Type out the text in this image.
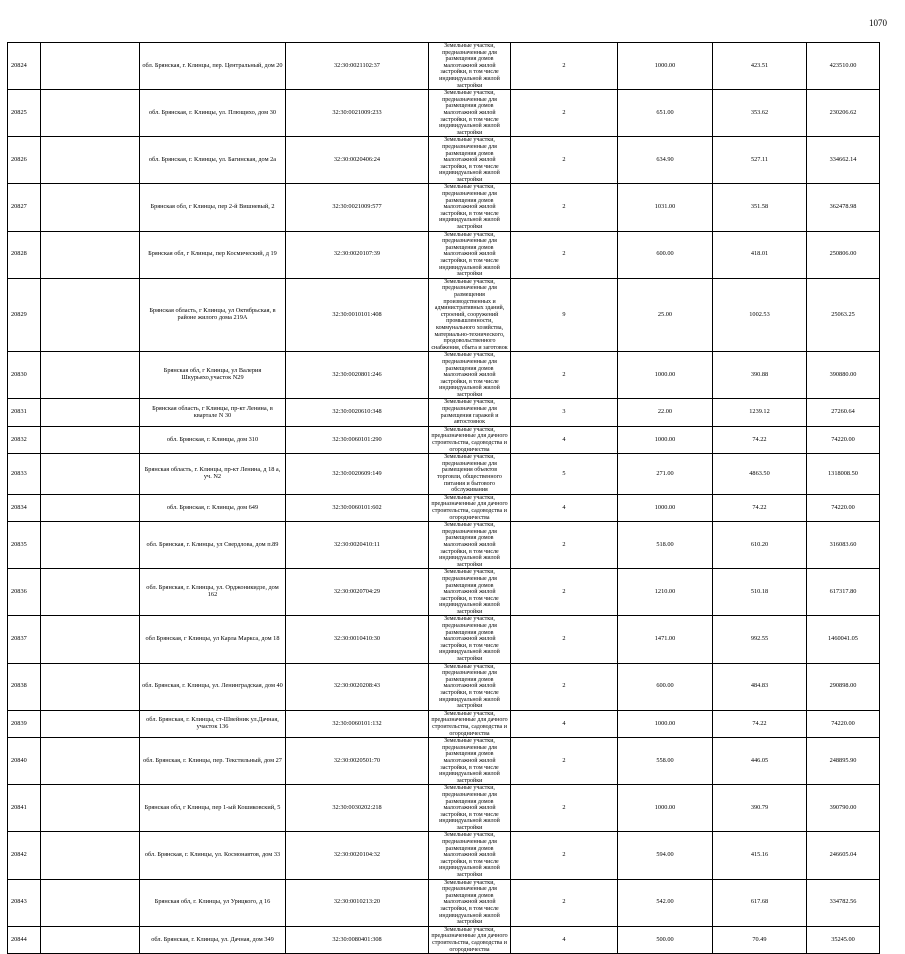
1070
20824		обл. Брянская, г. Клинцы, пер. Центральный, дом 20	32:30:0021102:37	Земельные участки, предназначенные для размещения домов малоэтажной жилой застройки, в том числе индивидуальной жилой застройки	2	1000.00	423.51	423510.00
20825		обл. Брянская, г. Клинцы, ул. Плющихо, дом 30	32:30:0021009:233	Земельные участки, предназначенные для размещения домов малоэтажной жилой застройки, в том числе индивидуальной жилой застройки	2	651.00	353.62	230206.62
20826		обл. Брянская, г. Клинцы, ул. Багинская, дом 2а	32:30:0020406:24	Земельные участки, предназначенные для размещения домов малоэтажной жилой застройки, в том числе индивидуальной жилой застройки	2	634.90	527.11	334662.14
20827		Брянская обл, г Клинцы, пер 2-й Вишневый, 2	32:30:0021009:577	Земельные участки, предназначенные для размещения домов малоэтажной жилой застройки, в том числе индивидуальной жилой застройки	2	1031.00	351.58	362478.98
20828		Брянская обл, г Клинцы, пер Космический, д 19	32:30:0020107:39	Земельные участки, предназначенные для размещения домов малоэтажной жилой застройки, в том числе индивидуальной жилой застройки	2	600.00	418.01	250806.00
20829		Брянская область, г Клинцы, ул Октябрьская, в районе жилого дома 219А	32:30:0010101:408	Земельные участки, предназначенные для размещения производственных и административных зданий, строений, сооружений промышленности, коммунального хозяйства, материально-технического, продовольственного снабжения, сбыта и заготовок	9	25.00	1002.53	25063.25
20830		Брянская обл, г Клинцы, ул Валерия Шкурьяхо,участок N29	32:30:0020801:246	Земельные участки, предназначенные для размещения домов малоэтажной жилой застройки, в том числе индивидуальной жилой застройки	2	1000.00	390.88	390880.00
20831		Брянская область, г Клинцы, пр-кт Ленина, в квартале N 30	32:30:0020610:348	Земельные участки, предназначенные для размещения гаражей и автостоянок	3	22.00	1239.12	27260.64
20832		обл. Брянская, г. Клинцы, дом 310	32:30:0060101:290	Земельные участки, предназначенные для дачного строительства, садоводства и огородничества	4	1000.00	74.22	74220.00
20833		Брянская область, г. Клинцы, пр-кт Ленина, д 18 а, уч. N2	32:30:0020609:149	Земельные участки, предназначенные для размещения объектов торговли, общественного питания и бытового обслуживания	5	271.00	4863.50	1318008.50
20834		обл. Брянская, г. Клинцы, дом 649	32:30:0060101:602	Земельные участки, предназначенные для дачного строительства, садоводства и огородничества	4	1000.00	74.22	74220.00
20835		обл. Брянская, г. Клинцы, ул Свердлова, дом п.89	32:30:0020410:11	Земельные участки, предназначенные для размещения домов малоэтажной жилой застройки, в том числе индивидуальной жилой застройки	2	518.00	610.20	316083.60
20836		обл. Брянская, г. Клинцы, ул. Орджоникидзе, дом 162	32:30:0020704:29	Земельные участки, предназначенные для размещения домов малоэтажной жилой застройки, в том числе индивидуальной жилой застройки	2	1210.00	510.18	617317.80
20837		обл Брянская, г Клинцы, ул Карла Маркса, дом 18	32:30:0010410:30	Земельные участки, предназначенные для размещения домов малоэтажной жилой застройки, в том числе индивидуальной жилой застройки	2	1471.00	992.55	1460041.05
20838		обл. Брянская, г. Клинцы, ул. Ленинградская, дом 40	32:30:0020208:43	Земельные участки, предназначенные для размещения домов малоэтажной жилой застройки, в том числе индивидуальной жилой застройки	2	600.00	484.83	290898.00
20839		обл. Брянская, г. Клинцы, ст-Швейник ул.Дачная, участок 136	32:30:0060101:132	Земельные участки, предназначенные для дачного строительства, садоводства и огородничества	4	1000.00	74.22	74220.00
20840		обл. Брянская, г. Клинцы, пер. Текстильный, дом 27	32:30:0020501:70	Земельные участки, предназначенные для размещения домов малоэтажной жилой застройки, в том числе индивидуальной жилой застройки	2	558.00	446.05	248895.90
20841		Брянская обл, г Клинцы, пер 1-ый Кошиковский, 5	32:30:0030202:218	Земельные участки, предназначенные для размещения домов малоэтажной жилой застройки, в том числе индивидуальной жилой застройки	2	1000.00	390.79	390790.00
20842		обл. Брянская, г. Клинцы, ул. Космонавтов, дом 33	32:30:0020104:32	Земельные участки, предназначенные для размещения домов малоэтажной жилой застройки, в том числе индивидуальной жилой застройки	2	594.00	415.16	246605.04
20843		Брянская обл, г. Клинцы, ул Урицкого, д 16	32:30:0010213:20	Земельные участки, предназначенные для размещения домов малоэтажной жилой застройки, в том числе индивидуальной жилой застройки	2	542.00	617.68	334782.56
20844		обл. Брянская, г. Клинцы, ул. Дачная, дом 349	32:30:0080401:308	Земельные участки, предназначенные для дачного строительства, садоводства и огородничества	4	500.00	70.49	35245.00
